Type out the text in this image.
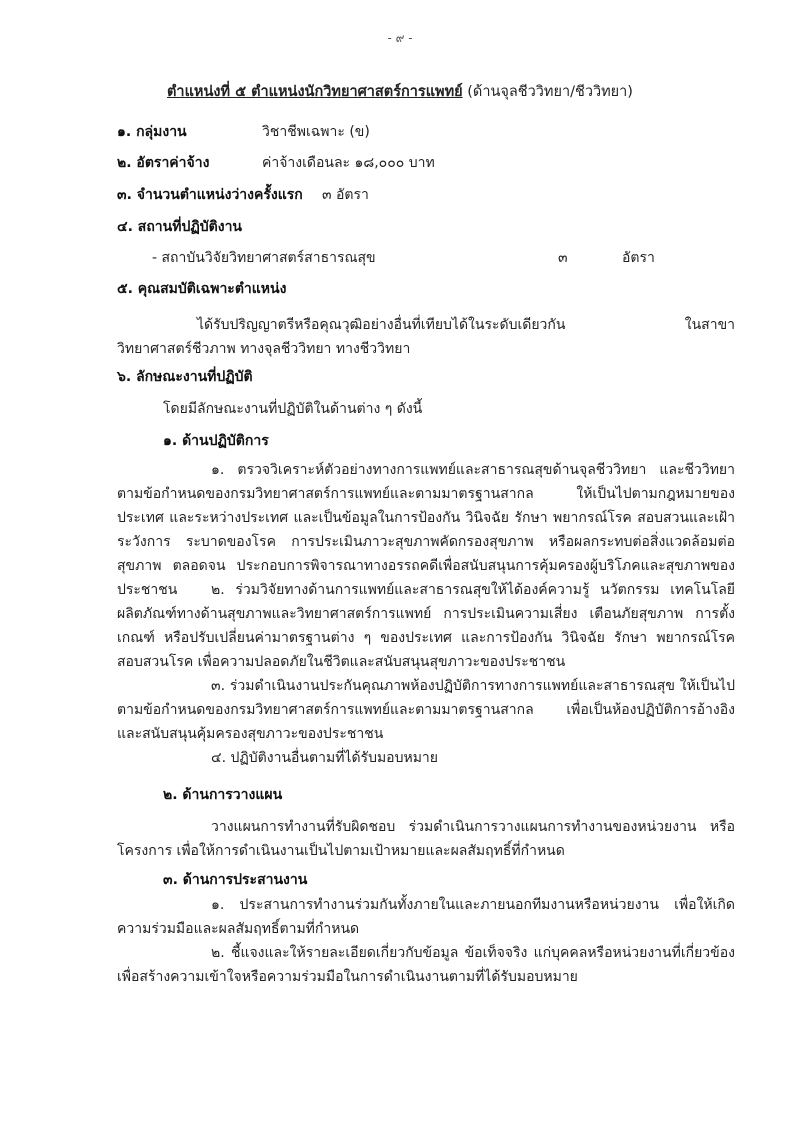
- ๙ -
ตำแหน่งที่ ๕ ตำแหน่งนักวิทยาศาสตร์การแพทย์ (ด้านจุลชีววิทยา/ชีววิทยา)
๑. กลุ่มงาน	วิชาชีพเฉพาะ (ข)
๒. อัตราค่าจ้าง	ค่าจ้างเดือนละ ๑๘,๐๐๐ บาท
๓. จำนวนตำแหน่งว่างครั้งแรก ๓ อัตรา
๔. สถานที่ปฏิบัติงาน
- สถาบันวิจัยวิทยาศาสตร์สาธารณสุข	๓	อัตรา
๕. คุณสมบัติเฉพาะตำแหน่ง
ได้รับปริญญาตรีหรือคุณวุฒิอย่างอื่นที่เทียบได้ในระดับเดียวกัน ในสาขาวิทยาศาสตร์ชีวภาพ ทางจุลชีววิทยา ทางชีววิทยา
๖. ลักษณะงานที่ปฏิบัติ
โดยมีลักษณะงานที่ปฏิบัติในด้านต่าง ๆ ดังนี้
๑. ด้านปฏิบัติการ
๑. ตรวจวิเคราะห์ตัวอย่างทางการแพทย์และสาธารณสุขด้านจุลชีววิทยา และชีววิทยา ตามข้อกำหนดของกรมวิทยาศาสตร์การแพทย์และตามมาตรฐานสากล ให้เป็นไปตามกฎหมายของประเทศ และระหว่างประเทศ และเป็นข้อมูลในการป้องกัน วินิจฉัย รักษา พยากรณ์โรค สอบสวนและเฝ้าระวังการ ระบาดของโรค การประเมินภาวะสุขภาพคัดกรองสุขภาพ หรือผลกระทบต่อสิ่งแวดล้อมต่อสุขภาพ ตลอดจน ประกอบการพิจารณาทางอรรถคดีเพื่อสนับสนุนการคุ้มครองผู้บริโภคและสุขภาพของประชาชน	๒. ร่วมวิจัยทางด้านการแพทย์และสาธารณสุขให้ได้องค์ความรู้ นวัตกรรม เทคโนโลยี ผลิตภัณฑ์ทางด้านสุขภาพและวิทยาศาสตร์การแพทย์ การประเมินความเสี่ยง เตือนภัยสุขภาพ การตั้งเกณฑ์ หรือปรับเปลี่ยนค่ามาตรฐานต่าง ๆ ของประเทศ และการป้องกัน วินิจฉัย รักษา พยากรณ์โรค สอบสวนโรค เพื่อความปลอดภัยในชีวิตและสนับสนุนสุขภาวะของประชาชน
๓. ร่วมดำเนินงานประกันคุณภาพห้องปฏิบัติการทางการแพทย์และสาธารณสุข ให้เป็นไป ตามข้อกำหนดของกรมวิทยาศาสตร์การแพทย์และตามมาตรฐานสากล เพื่อเป็นห้องปฏิบัติการอ้างอิง และสนับสนุนคุ้มครองสุขภาวะของประชาชน
๔. ปฏิบัติงานอื่นตามที่ได้รับมอบหมาย
๒. ด้านการวางแผน
วางแผนการทำงานที่รับผิดชอบ ร่วมดำเนินการวางแผนการทำงานของหน่วยงาน หรือโครงการ เพื่อให้การดำเนินงานเป็นไปตามเป้าหมายและผลสัมฤทธิ์ที่กำหนด
๓. ด้านการประสานงาน
๑. ประสานการทำงานร่วมกันทั้งภายในและภายนอกทีมงานหรือหน่วยงาน เพื่อให้เกิด ความร่วมมือและผลสัมฤทธิ์ตามที่กำหนด
๒. ชี้แจงและให้รายละเอียดเกี่ยวกับข้อมูล ข้อเท็จจริง แก่บุคคลหรือหน่วยงานที่เกี่ยวข้อง เพื่อสร้างความเข้าใจหรือความร่วมมือในการดำเนินงานตามที่ได้รับมอบหมาย
